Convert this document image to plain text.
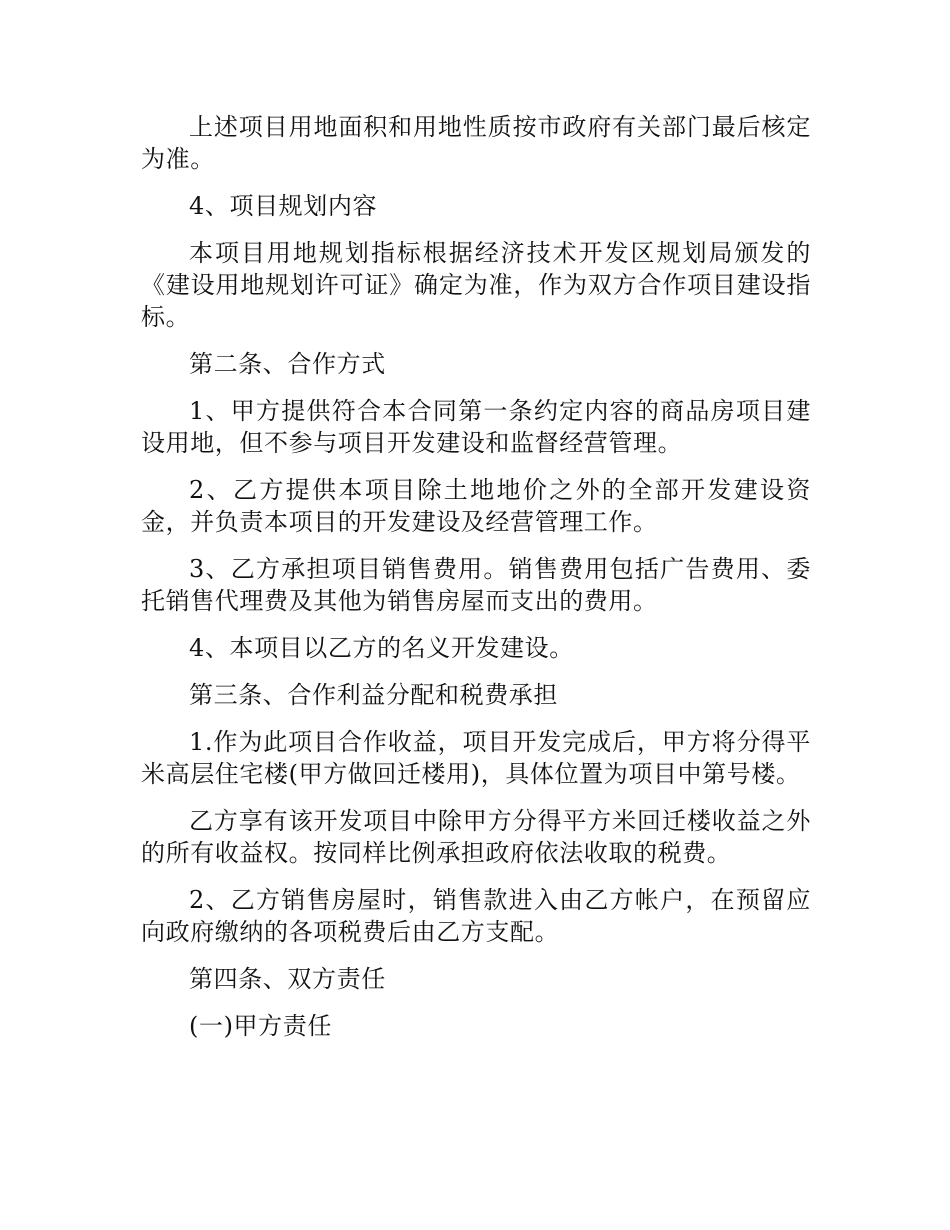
上述项目用地面积和用地性质按市政府有关部门最后核定为准。

4、项目规划内容

本项目用地规划指标根据经济技术开发区规划局颁发的《建设用地规划许可证》确定为准，作为双方合作项目建设指标。

第二条、合作方式

1、甲方提供符合本合同第一条约定内容的商品房项目建设用地，但不参与项目开发建设和监督经营管理。

2、乙方提供本项目除土地地价之外的全部开发建设资金，并负责本项目的开发建设及经营管理工作。

3、乙方承担项目销售费用。销售费用包括广告费用、委托销售代理费及其他为销售房屋而支出的费用。

4、本项目以乙方的名义开发建设。

第三条、合作利益分配和税费承担

1.作为此项目合作收益，项目开发完成后，甲方将分得平米高层住宅楼(甲方做回迁楼用)，具体位置为项目中第号楼。

乙方享有该开发项目中除甲方分得平方米回迁楼收益之外的所有收益权。按同样比例承担政府依法收取的税费。

2、乙方销售房屋时，销售款进入由乙方帐户，在预留应向政府缴纳的各项税费后由乙方支配。

第四条、双方责任

(一)甲方责任
